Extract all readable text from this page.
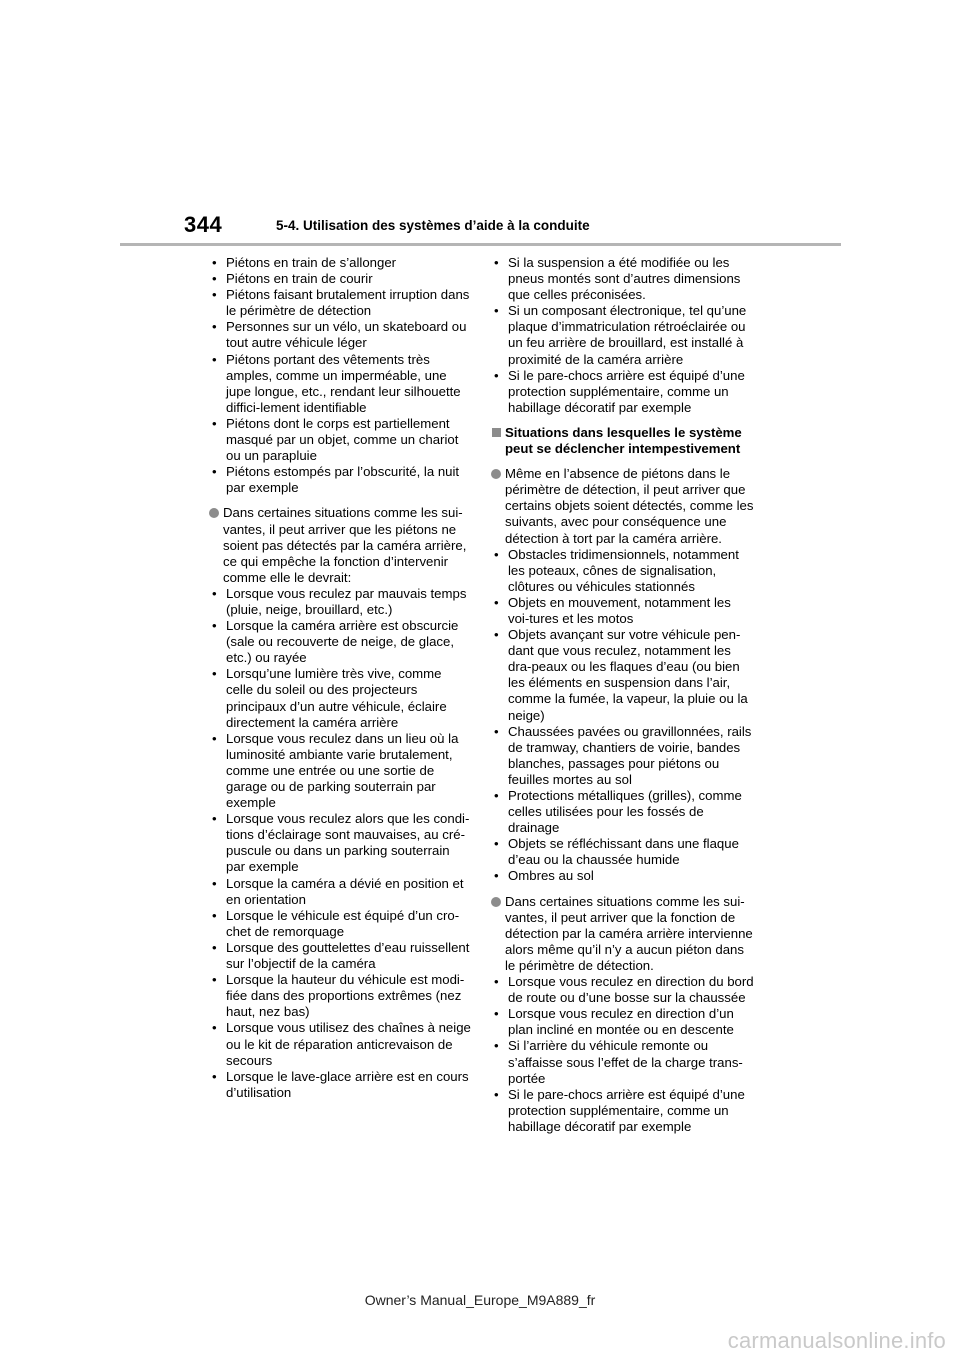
344	5-4. Utilisation des systèmes d’aide à la conduite

• Piétons en train de s’allonger

• Piétons en train de courir

• Piétons faisant brutalement irruption dans le périmètre de détection

• Personnes sur un vélo, un skateboard ou tout autre véhicule léger

• Piétons portant des vêtements très amples, comme un imperméable, une jupe longue, etc., rendant leur silhouette diffici-lement identifiable

• Piétons dont le corps est partiellement masqué par un objet, comme un chariot ou un parapluie

• Piétons estompés par l’obscurité, la nuit par exemple

Dans certaines situations comme les sui-vantes, il peut arriver que les piétons ne soient pas détectés par la caméra arrière, ce qui empêche la fonction d’intervenir comme elle le devrait:

• Lorsque vous reculez par mauvais temps (pluie, neige, brouillard, etc.)

• Lorsque la caméra arrière est obscurcie (sale ou recouverte de neige, de glace, etc.) ou rayée

• Lorsqu’une lumière très vive, comme celle du soleil ou des projecteurs principaux d’un autre véhicule, éclaire directement la caméra arrière

• Lorsque vous reculez dans un lieu où la luminosité ambiante varie brutalement, comme une entrée ou une sortie de garage ou de parking souterrain par exemple

• Lorsque vous reculez alors que les condi-tions d’éclairage sont mauvaises, au cré-puscule ou dans un parking souterrain par exemple

• Lorsque la caméra a dévié en position et en orientation

• Lorsque le véhicule est équipé d’un cro-chet de remorquage

• Lorsque des gouttelettes d’eau ruissellent sur l’objectif de la caméra

• Lorsque la hauteur du véhicule est modi-fiée dans des proportions extrêmes (nez haut, nez bas)

• Lorsque vous utilisez des chaînes à neige ou le kit de réparation anticrevaison de secours

• Lorsque le lave-glace arrière est en cours d’utilisation

• Si la suspension a été modifiée ou les pneus montés sont d’autres dimensions que celles préconisées.

• Si un composant électronique, tel qu’une plaque d’immatriculation rétroéclairée ou un feu arrière de brouillard, est installé à proximité de la caméra arrière

• Si le pare-chocs arrière est équipé d’une protection supplémentaire, comme un habillage décoratif par exemple

Situations dans lesquelles le système peut se déclencher intempestivement
Même en l’absence de piétons dans le périmètre de détection, il peut arriver que certains objets soient détectés, comme les suivants, avec pour conséquence une détection à tort par la caméra arrière.

• Obstacles tridimensionnels, notamment les poteaux, cônes de signalisation, clôtures ou véhicules stationnés

• Objets en mouvement, notamment les voi-tures et les motos

• Objets avançant sur votre véhicule pen-dant que vous reculez, notamment les dra-peaux ou les flaques d’eau (ou bien les éléments en suspension dans l’air, comme la fumée, la vapeur, la pluie ou la neige)

• Chaussées pavées ou gravillonnées, rails de tramway, chantiers de voirie, bandes blanches, passages pour piétons ou feuilles mortes au sol

• Protections métalliques (grilles), comme celles utilisées pour les fossés de drainage

• Objets se réfléchissant dans une flaque d’eau ou la chaussée humide

• Ombres au sol

Dans certaines situations comme les sui-vantes, il peut arriver que la fonction de détection par la caméra arrière intervienne alors même qu’il n’y a aucun piéton dans le périmètre de détection.

• Lorsque vous reculez en direction du bord de route ou d’une bosse sur la chaussée

• Lorsque vous reculez en direction d’un plan incliné en montée ou en descente

• Si l’arrière du véhicule remonte ou s’affaisse sous l’effet de la charge trans-portée

• Si le pare-chocs arrière est équipé d’une protection supplémentaire, comme un habillage décoratif par exemple

Owner’s Manual_Europe_M9A889_fr
carmanualsonline.info
